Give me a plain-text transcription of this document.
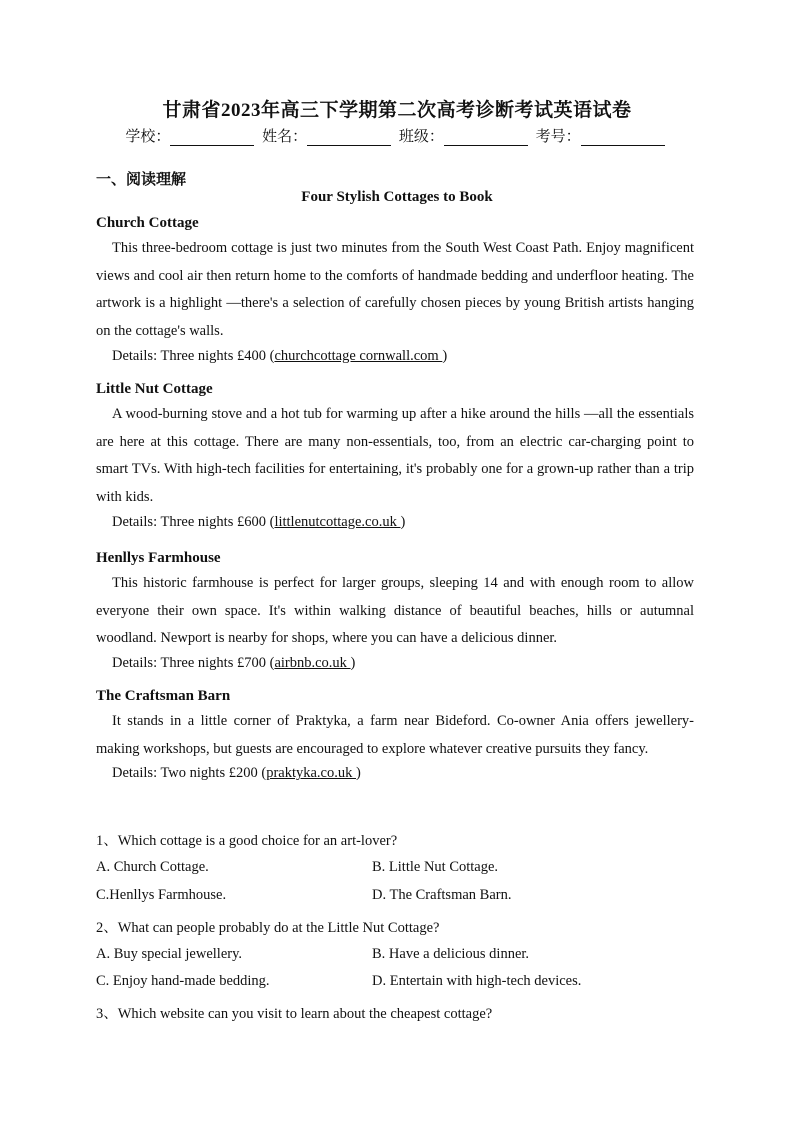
甘肃省2023年高三下学期第二次高考诊断考试英语试卷
学校：	姓名：	班级：	考号：
一、阅读理解
Four Stylish Cottages to Book
Church Cottage
This three-bedroom cottage is just two minutes from the South West Coast Path. Enjoy magnificent views and cool air then return home to the comforts of handmade bedding and underfloor heating. The artwork is a highlight —there's a selection of carefully chosen pieces by young British artists hanging on the cottage's walls.
Details: Three nights £400 (churchcottage cornwall.com )
Little Nut Cottage
A wood-burning stove and a hot tub for warming up after a hike around the hills —all the essentials are here at this cottage. There are many non-essentials, too, from an electric car-charging point to smart TVs. With high-tech facilities for entertaining, it's probably one for a grown-up rather than a trip with kids.
Details: Three nights £600 (littlenutcottage.co.uk )
Henllys Farmhouse
This historic farmhouse is perfect for larger groups, sleeping 14 and with enough room to allow everyone their own space. It's within walking distance of beautiful beaches, hills or autumnal woodland. Newport is nearby for shops, where you can have a delicious dinner.
Details: Three nights £700 (airbnb.co.uk )
The Craftsman Barn
It stands in a little corner of Praktyka, a farm near Bideford. Co-owner Ania offers jewellery-making workshops, but guests are encouraged to explore whatever creative pursuits they fancy.
Details: Two nights £200 (praktyka.co.uk )
1、Which cottage is a good choice for an art-lover?
A. Church Cottage.	B. Little Nut Cottage.
C.Henllys Farmhouse.	D. The Craftsman Barn.
2、What can people probably do at the Little Nut Cottage?
A. Buy special jewellery.	B. Have a delicious dinner.
C. Enjoy hand-made bedding.	D. Entertain with high-tech devices.
3、Which website can you visit to learn about the cheapest cottage?
